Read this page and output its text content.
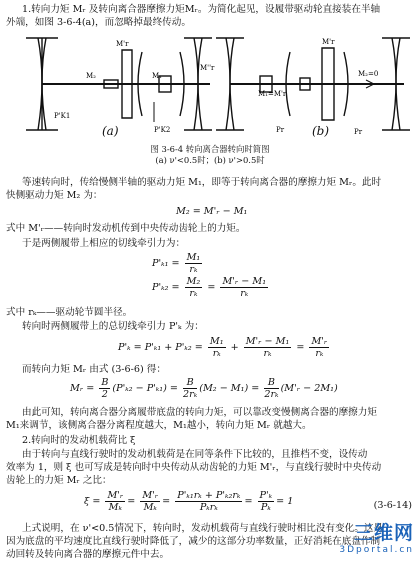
1.转向力矩 Mᵣ 及转向离合器摩擦力矩Mᵣ。为简化起见，设履带驱动轮直接装在半轴
外端，如图 3-6-4(a)，而忽略掉最终传动。
P'K1
M₂	M₁
M'r
P'K2
M''r
M₁=M'r
Pr
M'r
M₂=0
Pr
(a)	(b)
图 3-6-4 转向离合器转向时简图
(a) ν'<0.5时；(b) ν'>0.5时
等速转向时，传给慢侧半轴的驱动力矩 M₁，即等于转向离合器的摩擦力矩 Mᵣ。此时
快侧驱动力矩 M₂ 为：
M₂ = M'ᵣ − M₁
式中 M'ᵣ——转向时发动机传到中央传动齿轮上的力矩。
于是两侧履带上相应的切线牵引力为：
$P'_{k1} = \frac{\text{M₁}}{\text{rₖ}}$
$P'_{k2} = \frac{\text{M₂}}{\text{rₖ}} = \frac{\text{M'ᵣ − M₁}}{\text{rₖ}}$
式中 rₖ——驱动轮节圆半径。
转向时两侧履带上的总切线牵引力 P'ₖ 为：
$P'_k = P'_{k1} + P'_{k2} = \frac{\text{M₁}}{\text{rₖ}} + \frac{\text{M'ᵣ − M₁}}{\text{rₖ}} = \frac{\text{M'ᵣ}}{\text{rₖ}}$
而转向力矩 Mᵣ 由式 (3-6-6) 得：
Mᵣ = $\frac{B}{2} (P'_{k2} - P'_{k1}) = \frac{B}{\text{2rₖ}} (M_2 - M_1) = \frac{B}{\text{2rₖ}}$ (M'ᵣ − 2M₁)
由此可知，转向离合器分离履带底盘的转向力矩，可以靠改变慢侧离合器的摩擦力矩
M₁来调节，该侧离合器分离程度越大，M₁越小，转向力矩 Mᵣ 就越大。
2.转向时的发动机载荷比 ξ
由于转向与直线行驶时的发动机载荷是在同等条件下比较的，且推档不变，设传动
效率为 1，则 ξ 也可写成是转向时中央传动从动齿轮的力矩 M'ᵣ，与直线行驶时中央传动
齿轮上的力矩 Mᵣ 之比：
$\xi = \frac{\text{M'ᵣ}}{\text{Mₖ}} = \frac{\text{M'ᵣ}}{\text{Mₖ}} = \frac{\text{P'ₖ₁rₖ + P'ₖ₂rₖ}}{\text{Pₖrₖ}} = \frac{\text{P'ₖ}}{\text{Pₖ}} = 1$	(3-6-14)
上式说明，在 ν'<0.5情况下，转向时，发动机载荷与直线行驶时相比没有变化。这是
因为底盘的平均速度比直线行驶时降低了，减少的这部分功率数量，正好消耗在底盘作制
动回转及转向离合器的摩擦元件中去。
三维网
3Dportal.cn
